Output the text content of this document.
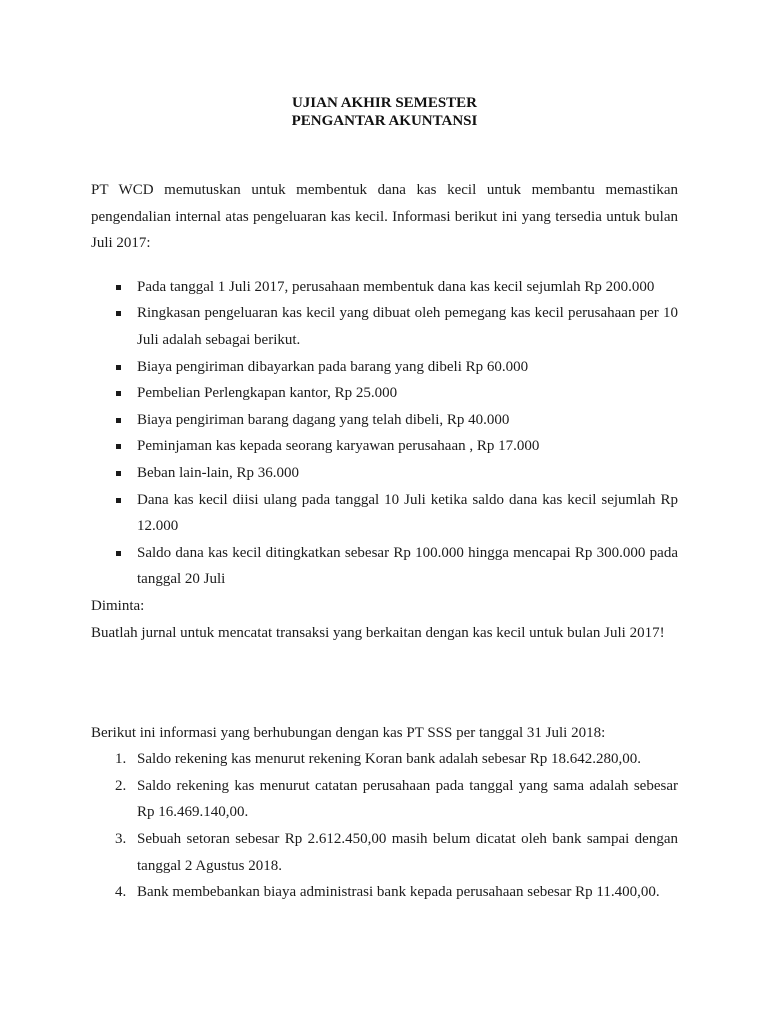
UJIAN AKHIR SEMESTER
PENGANTAR AKUNTANSI

PT WCD memutuskan untuk membentuk dana kas kecil untuk membantu memastikan pengendalian internal atas pengeluaran kas kecil. Informasi berikut ini yang tersedia untuk bulan Juli 2017:

Pada tanggal 1 Juli 2017, perusahaan membentuk dana kas kecil sejumlah Rp 200.000
Ringkasan pengeluaran kas kecil yang dibuat oleh pemegang kas kecil perusahaan per 10 Juli adalah sebagai berikut.
Biaya pengiriman dibayarkan pada barang yang dibeli Rp 60.000
Pembelian Perlengkapan kantor, Rp 25.000
Biaya pengiriman barang dagang yang telah dibeli, Rp 40.000
Peminjaman kas kepada seorang karyawan perusahaan , Rp 17.000
Beban lain-lain, Rp 36.000
Dana kas kecil diisi ulang pada tanggal 10 Juli ketika saldo dana kas kecil sejumlah Rp 12.000
Saldo dana kas kecil ditingkatkan sebesar Rp 100.000 hingga mencapai Rp 300.000 pada tanggal 20 Juli

Diminta:

Buatlah jurnal untuk mencatat transaksi yang berkaitan dengan kas kecil untuk bulan Juli 2017!

Berikut ini informasi yang berhubungan dengan kas PT SSS per tanggal 31 Juli 2018:

1. Saldo rekening kas menurut rekening Koran bank adalah sebesar Rp 18.642.280,00.
2. Saldo rekening kas menurut catatan perusahaan pada tanggal yang sama adalah sebesar Rp 16.469.140,00.
3. Sebuah setoran sebesar Rp 2.612.450,00 masih belum dicatat oleh bank sampai dengan tanggal 2 Agustus 2018.
4. Bank membebankan biaya administrasi bank kepada perusahaan sebesar Rp 11.400,00.
